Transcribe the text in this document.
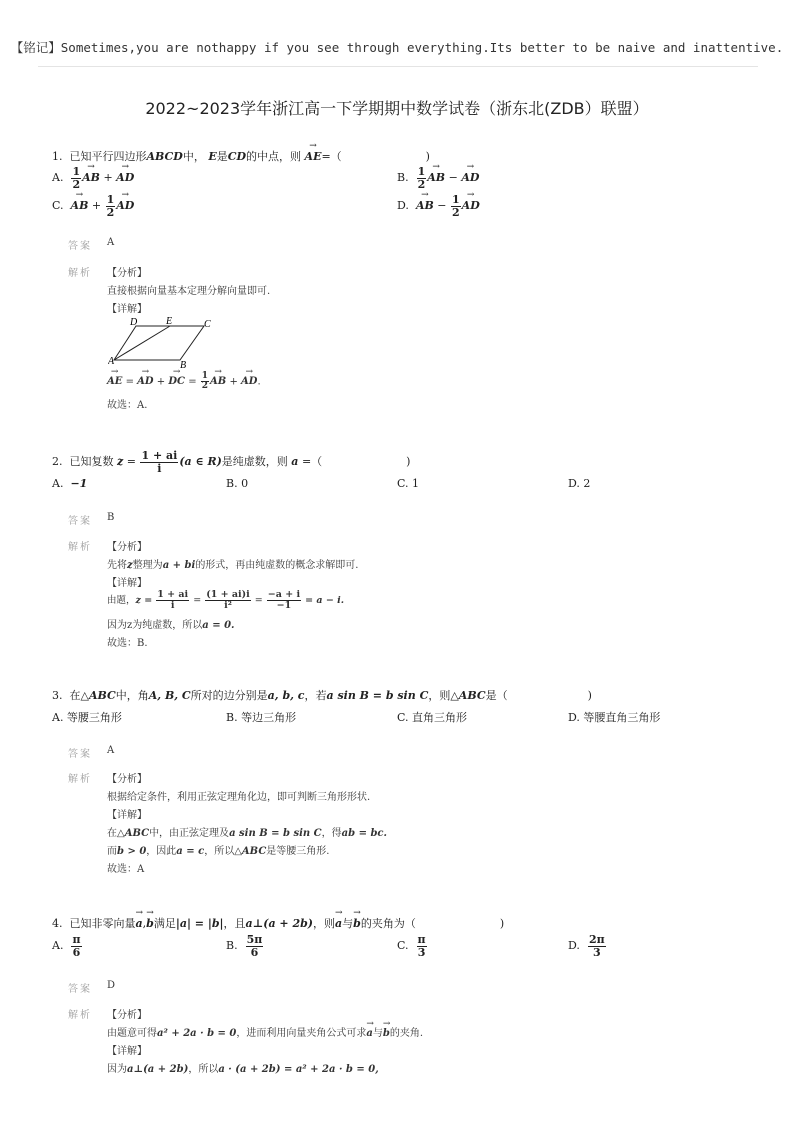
【铭记】Sometimes,you are nothappy if you see through everything.Its better to be naive and inattentive.
2022~2023学年浙江高一下学期期中数学试卷（浙东北(ZDB）联盟）
1. 已知平行四边形ABCD中， E是CD的中点，则 → AE=（	)
A. $\frac{1}{2}$ → AB + → AD	B. $\frac{1}{2}$ → AB − → AD
C. → AB + $\frac{1}{2}$ → AD	D. → AB − $\frac{1}{2}$ → AD
答案 A
解析 【分析】
直接根据向量基本定理分解向量即可.
【详解】
D	E	C
A	B
→ AE = → AD + → DC = $\frac{1}{2}$ → AB + → AD.
故选：A.
2. 已知复数 $z = \frac{1 + ai}{i} (a$ ∈ R)是纯虚数，则 a =（	)
A. −1	B. 0	C. 1	D. 2
答案 B
解析 【分析】
先将z整理为a + bi的形式，再由纯虚数的概念求解即可.
【详解】
由题，$z = \frac{1 + ai}{i} = \frac{(1 + ai)i}{\text{i²}} = \frac{-a + i}{-1} = a - i$.
因为z为纯虚数，所以a = 0.
故选：B.
3. 在△ABC中，角A, B, C所对的边分别是a, b, c，若a sin B = b sin C，则△ABC是（	)
A. 等腰三角形	B. 等边三角形	C. 直角三角形	D. 等腰直角三角形
答案 A
解析 【分析】
根据给定条件，利用正弦定理角化边，即可判断三角形形状.
【详解】
在△ABC中，由正弦定理及a sin B = b sin C，得ab = bc.
而b > 0，因此a = c，所以△ABC是等腰三角形.
故选：A
4. 已知非零向量→ a,→ b满足|a| = |b|，且a⊥(a + 2b)，则→ a与→ b的夹角为（	)
A. $\frac{\pi}{6}$	B. $\frac{5\pi}{6}$	C. $\frac{\pi}{3}$	D. $\frac{2\pi}{3}$
答案 D
解析 【分析】
由题意可得a² + 2a · b = 0，进而利用向量夹角公式可求→ a与→ b的夹角.
【详解】
因为a⊥(a + 2b)，所以a · (a + 2b) = a² + 2a · b = 0,
